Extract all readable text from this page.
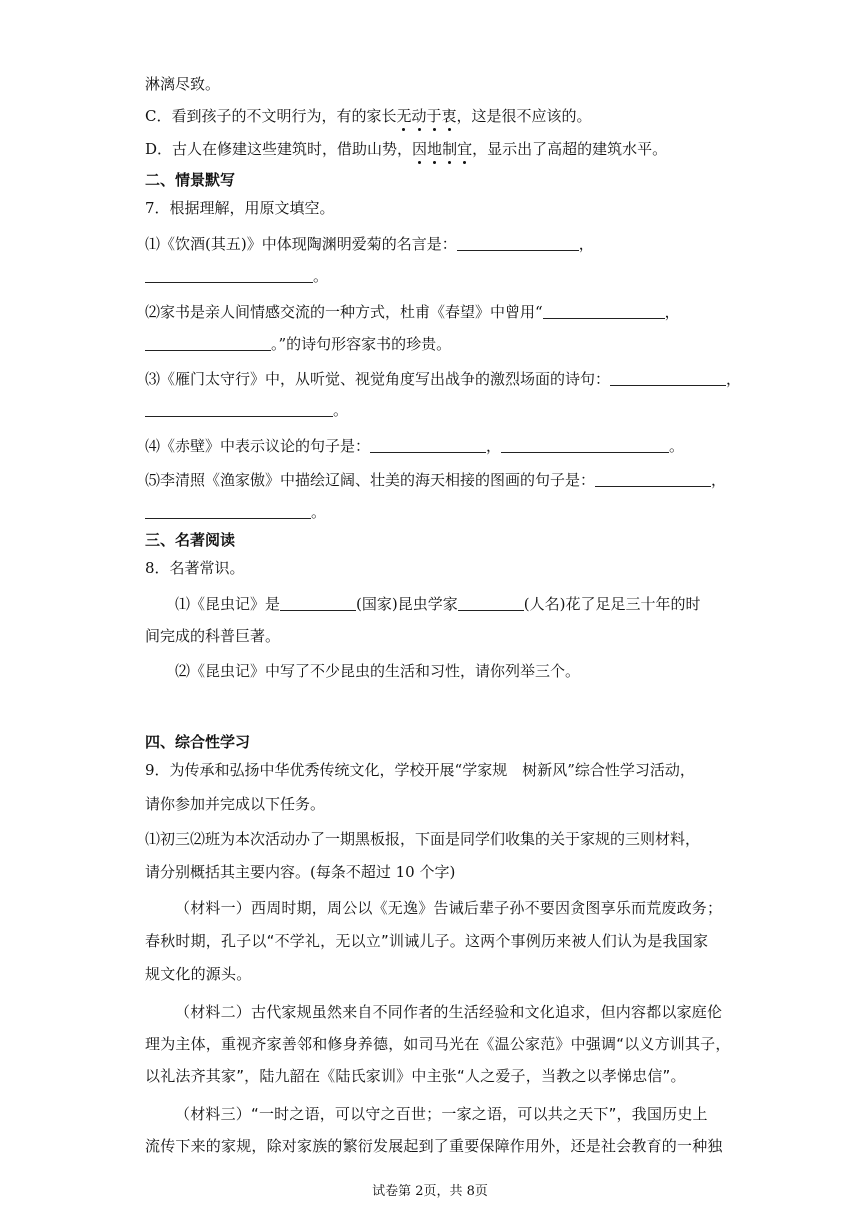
淋漓尽致。
C．看到孩子的不文明行为，有的家长无动于衷，这是很不应该的。
D．古人在修建这些建筑时，借助山势，因地制宜，显示出了高超的建筑水平。
二、情景默写
7．根据理解，用原文填空。
⑴《饮酒(其五)》中体现陶渊明爱菊的名言是：	，
。
⑵家书是亲人间情感交流的一种方式，杜甫《春望》中曾用“	，
。”的诗句形容家书的珍贵。
⑶《雁门太守行》中，从听觉、视觉角度写出战争的激烈场面的诗句：	，
。
⑷《赤壁》中表示议论的句子是：	，	。
⑸李清照《渔家傲》中描绘辽阔、壮美的海天相接的图画的句子是：	，
。
三、名著阅读
8．名著常识。
⑴《昆虫记》是	(国家)昆虫学家	(人名)花了足足三十年的时
间完成的科普巨著。
⑵《昆虫记》中写了不少昆虫的生活和习性，请你列举三个。
四、综合性学习
9．为传承和弘扬中华优秀传统文化，学校开展“学家规　树新风”综合性学习活动，
请你参加并完成以下任务。
⑴初三⑵班为本次活动办了一期黑板报，下面是同学们收集的关于家规的三则材料，
请分别概括其主要内容。(每条不超过 10 个字)
（材料一）西周时期，周公以《无逸》告诫后辈子孙不要因贪图享乐而荒废政务；
春秋时期，孔子以“不学礼，无以立”训诫儿子。这两个事例历来被人们认为是我国家
规文化的源头。
（材料二）古代家规虽然来自不同作者的生活经验和文化追求，但内容都以家庭伦
理为主体，重视齐家善邻和修身养德，如司马光在《温公家范》中强调“以义方训其子，
以礼法齐其家”，陆九韶在《陆氏家训》中主张“人之爱子，当教之以孝悌忠信”。
（材料三）“一时之语，可以守之百世；一家之语，可以共之天下”，我国历史上
流传下来的家规，除对家族的繁衍发展起到了重要保障作用外，还是社会教育的一种独
试卷第 2页，共 8页
